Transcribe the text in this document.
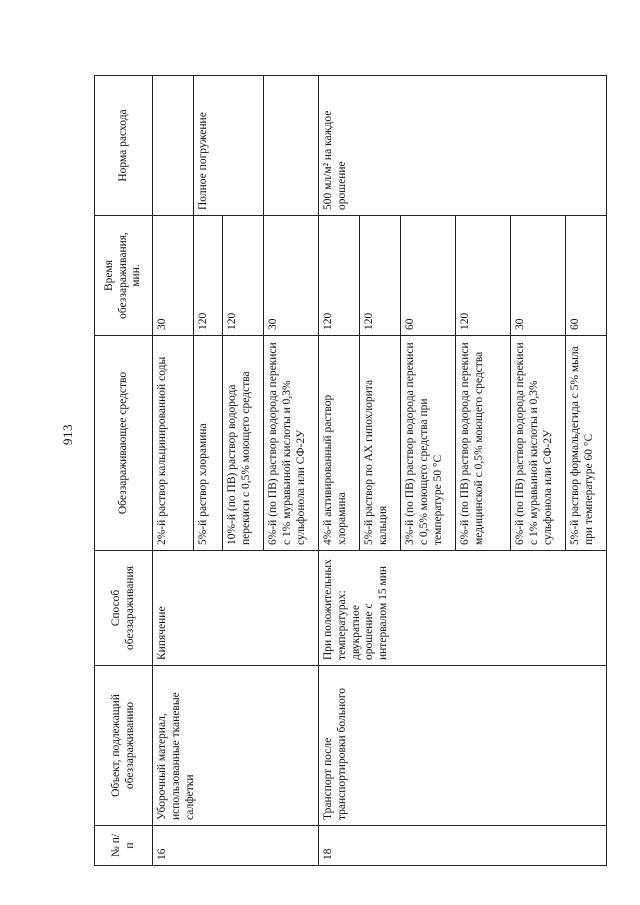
913
№ п/п	Объект, подлежащий обеззараживанию	Способ обеззараживания	Обеззараживающее средство	Время обеззараживания, мин.	Норма расхода
16	Уборочный материал, использованные тканевые салфетки	Кипячение	2%-й раствор кальцинированной соды	30	
			5%-й раствор хлорамина	120	Полное погружение
			10%-й (по ПВ) раствор водорода перекиси с 0,5% моющего средства	120	
			6%-й (по ПВ) раствор водорода перекиси с 1% муравьиной кислоты и 0,3% сульфонола или СФ-2У	30	
18	Транспорт после транспортировки больного	При положительных температурах: двукратное орошение с интервалом 15 мин	4%-й активированный раствор хлорамина	120	500 мл/м² на каждое орошение
			5%-й раствор по АХ гипохлорита кальция	120	
			3%-й (по ПВ) раствор водорода перекиси с 0,5% моющего средства при температуре 50 °С	60	
			6%-й (по ПВ) раствор водорода перекиси медицинской с 0,5% моющего средства	120	
			6%-й (по ПВ) раствор водорода перекиси с 1% муравьиной кислоты и 0,3% сульфонола или СФ-2У	30	
			5%-й раствор формальдегида с 5% мыла при температуре 60 °С	60	
